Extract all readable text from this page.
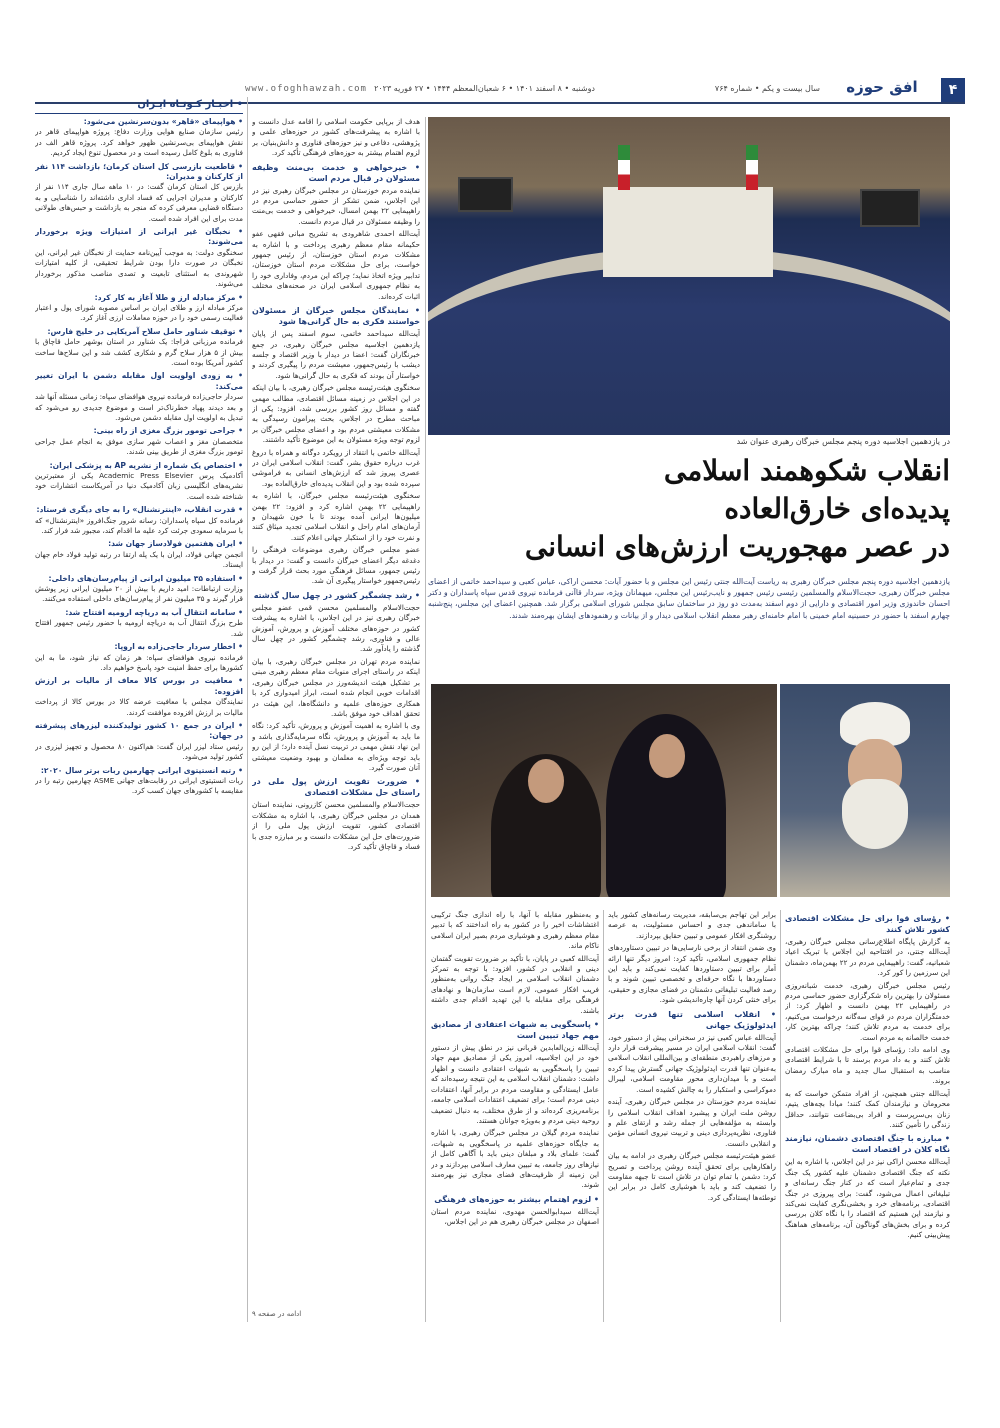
۴
افق حوزه
سال بیست و یکم • شماره ۷۶۴
دوشنبه • ۸ اسفند ۱۴۰۱ • ۶ شعبان‌المعظم ۱۴۴۴ • ۲۷ فوریه ۲۰۲۳
www.ofoghhawzah.com
در یازدهمین اجلاسیه دوره پنجم مجلس خبرگان رهبری عنوان شد
انقلاب شکوهمند اسلامی
پدیده‌ای خارق‌العاده
در عصر مهجوریت ارزش‌های انسانی
یازدهمین اجلاسیه دوره پنجم مجلس خبرگان رهبری به ریاست آیت‌الله جنتی رئیس این مجلس و با حضور آیات: محسن اراکی، عباس کعبی و سیداحمد خاتمی از اعضای مجلس خبرگان رهبری، حجت‌الاسلام والمسلمین رئیسی رئیس جمهور و نایب‌رئیس این مجلس، میهمانان ویژه، سردار قاآنی فرمانده نیروی قدس سپاه پاسداران و دکتر احسان خاندوزی وزیر امور اقتصادی و دارایی از دوم اسفند به‌مدت دو روز در ساختمان سابق مجلس شورای اسلامی برگزار شد. همچنین اعضای این مجلس، پنج‌شنبه چهارم اسفند با حضور در حسینیه امام خمینی با امام خامنه‌ای رهبر معظم انقلاب اسلامی دیدار و از بیانات و رهنمودهای ایشان بهره‌مند شدند.

هدف از برپایی حکومت اسلامی را اقامه عدل دانست و با اشاره به پیشرفت‌های کشور در حوزه‌های علمی و پژوهشی، دفاعی و نیز حوزه‌های فناوری و دانش‌بنیان، بر لزوم اهتمام بیشتر به حوزه‌های فرهنگی تأکید کرد.

• خیرخواهی و خدمت بی‌منت وظیفه مسئولان در قبال مردم است

نماینده مردم خوزستان در مجلس خبرگان رهبری نیز در این اجلاس، ضمن تشکر از حضور حماسی مردم در راهپیمایی ۲۲ بهمن امسال، خیرخواهی و خدمت بی‌منت را وظیفه مسئولان در قبال مردم دانست.

آیت‌الله احمدی شاهرودی به تشریح مبانی فقهی عفو حکیمانه مقام معظم رهبری پرداخت و با اشاره به مشکلات مردم استان خوزستان، از رئیس جمهور خواست، برای حل مشکلات مردم استان خوزستان، تدابیر ویژه اتخاذ نماید؛ چراکه این مردم، وفاداری خود را به نظام جمهوری اسلامی ایران در صحنه‌های مختلف اثبات کرده‌اند.

• نمایندگان مجلس خبرگان از مسئولان خواستند فکری به حال گرانی‌ها شود

آیت‌الله سیداحمد خاتمی، سوم اسفند پس از پایان یازدهمین اجلاسیه مجلس خبرگان رهبری، در جمع خبرنگاران گفت: اعضا در دیدار با وزیر اقتصاد و جلسه دیشب با رئیس‌جمهور، معیشت مردم را پیگیری کردند و خواستار آن بودند که فکری به حال گرانی‌ها شود.

سخنگوی هیئت‌رئیسه مجلس خبرگان رهبری، با بیان اینکه در این اجلاس در زمینه مسائل اقتصادی، مطالب مهمی گفته و مسائل روز کشور بررسی شد، افزود: یکی از مباحث مطرح در اجلاس، بحث پیرامون رسیدگی به مشکلات معیشتی مردم بود و اعضای مجلس خبرگان بر لزوم توجه ویژه مسئولان به این موضوع تأکید داشتند.

آیت‌الله خاتمی با انتقاد از رویکرد دوگانه و همراه با دروغ غرب درباره حقوق بشر، گفت: انقلاب اسلامی ایران در عصری پیروز شد که ارزش‌های انسانی به فراموشی سپرده شده بود و این انقلاب پدیده‌ای خارق‌العاده بود.

سخنگوی هیئت‌رئیسه مجلس خبرگان، با اشاره به راهپیمایی ۲۲ بهمن اشاره کرد و افزود: ۲۲ بهمن میلیون‌ها ایرانی آمده بودند تا با خون شهیدان و آرمان‌های امام راحل و انقلاب اسلامی تجدید میثاق کنند و نفرت خود را از استکبار جهانی اعلام کنند.

عضو مجلس خبرگان رهبری موضوعات فرهنگی را دغدغه دیگر اعضای خبرگان دانست و گفت: در دیدار با رئیس جمهور، مسائل فرهنگی مورد بحث قرار گرفت و رئیس‌جمهور خواستار پیگیری آن شد.

• رشد چشمگیر کشور در چهل سال گذشته

حجت‌الاسلام والمسلمین محسن قمی عضو مجلس خبرگان رهبری نیز در این اجلاس، با اشاره به پیشرفت کشور در حوزه‌های مختلف آموزش و پرورش، آموزش عالی و فناوری، رشد چشمگیر کشور در چهل سال گذشته را یادآور شد.

نماینده مردم تهران در مجلس خبرگان رهبری، با بیان اینکه در راستای اجرای منویات مقام معظم رهبری مبنی بر تشکیل هیئت اندیشه‌ورز در مجلس خبرگان رهبری، اقدامات خوبی انجام شده است، ابراز امیدواری کرد با همکاری حوزه‌های علمیه و دانشگاه‌ها، این هیئت در تحقق اهداف خود موفق باشد.

وی با اشاره به اهمیت آموزش و پرورش، تأکید کرد: نگاه ما باید به آموزش و پرورش، نگاه سرمایه‌گذاری باشد و این نهاد نقش مهمی در تربیت نسل آینده دارد؛ از این رو باید توجه ویژه‌ای به معلمان و بهبود وضعیت معیشتی آنان صورت گیرد.

• ضرورت تقویت ارزش پول ملی در راستای حل مشکلات اقتصادی

حجت‌الاسلام والمسلمین محسن کازرونی، نماینده استان همدان در مجلس خبرگان رهبری، با اشاره به مشکلات اقتصادی کشور، تقویت ارزش پول ملی را از ضرورت‌های حل این مشکلات دانست و بر مبارزه جدی با فساد و قاچاق تأکید کرد.

و به‌منظور مقابله با آنها، با راه اندازی جنگ ترکیبی اغتشاشات اخیر را در کشور به راه انداختند که با تدبیر مقام معظم رهبری و هوشیاری مردم بصیر ایران اسلامی ناکام ماند.

آیت‌الله کعبی در پایان، با تأکید بر ضرورت تقویت گفتمان دینی و انقلابی در کشور، افزود: با توجه به تمرکز دشمنان انقلاب اسلامی بر ایجاد جنگ روانی به‌منظور فریب افکار عمومی، لازم است سازمان‌ها و نهادهای فرهنگی برای مقابله با این تهدید اقدام جدی داشته باشند.

• پاسخگویی به شبهات اعتقادی از مصادیق مهم جهاد تبیین است

آیت‌الله زین‌العابدین قربانی نیز در نطق پیش از دستور خود در این اجلاسیه، امروز یکی از مصادیق مهم جهاد تبیین را پاسخگویی به شبهات اعتقادی دانست و اظهار داشت: دشمنان انقلاب اسلامی به این نتیجه رسیده‌اند که عامل ایستادگی و مقاومت مردم در برابر آنها، اعتقادات دینی مردم است؛ برای تضعیف اعتقادات اسلامی جامعه، برنامه‌ریزی کرده‌اند و از طرق مختلف، به دنبال تضعیف روحیه دینی مردم و به‌ویژه جوانان هستند.

نماینده مردم گیلان در مجلس خبرگان رهبری، با اشاره به جایگاه حوزه‌های علمیه در پاسخگویی به شبهات، گفت: علمای بلاد و مبلغان دینی باید با آگاهی کامل از نیازهای روز جامعه، به تبیین معارف اسلامی بپردازند و در این زمینه از ظرفیت‌های فضای مجازی نیز بهره‌مند شوند.

• لزوم اهتمام بیشتر به حوزه‌های فرهنگی

آیت‌الله سیدابوالحسن مهدوی، نماینده مردم استان اصفهان در مجلس خبرگان رهبری هم در این اجلاس،

برابر این تهاجم بی‌سابقه، مدیریت رسانه‌های کشور باید با ساماندهی جدی و احساس مسئولیت، به عرصه روشنگری افکار عمومی و تبیین حقایق بپردازند.

وی ضمن انتقاد از برخی نارسایی‌ها در تبیین دستاوردهای نظام جمهوری اسلامی، تأکید کرد: امروز دیگر تنها ارائه آمار برای تبیین دستاوردها کفایت نمی‌کند و باید این دستاوردها با نگاه حرفه‌ای و تخصصی تبیین شوند و با رصد فعالیت تبلیغاتی دشمنان در فضای مجازی و حقیقی، برای خنثی کردن آنها چاره‌اندیشی شود.

• انقلاب اسلامی تنها قدرت برتر ایدئولوژیک جهانی

آیت‌الله عباس کعبی نیز در سخنرانی پیش از دستور خود، گفت: انقلاب اسلامی ایران در مسیر پیشرفت قرار دارد و مرزهای راهبردی منطقه‌ای و بین‌المللی انقلاب اسلامی به‌عنوان تنها قدرت ایدئولوژیک جهانی گسترش پیدا کرده است و با میدان‌داری محور مقاومت اسلامی، لیبرال دموکراسی و استکبار را به چالش کشیده است.

نماینده مردم خوزستان در مجلس خبرگان رهبری، آینده روشن ملت ایران و پیشبرد اهداف انقلاب اسلامی را وابسته به مؤلفه‌هایی از جمله رشد و ارتقای علم و فناوری، نظریه‌پردازی دینی و تربیت نیروی انسانی مؤمن و انقلابی دانست.

عضو هیئت‌رئیسه مجلس خبرگان رهبری در ادامه به بیان راهکارهایی برای تحقق آینده روشن پرداخت و تصریح کرد: دشمن با تمام توان در تلاش است تا جبهه مقاومت را تضعیف کند و باید با هوشیاری کامل در برابر این توطئه‌ها ایستادگی کرد.

• رؤسای قوا برای حل مشکلات اقتصادی کشور تلاش کنند

به گزارش پایگاه اطلاع‌رسانی مجلس خبرگان رهبری، آیت‌الله جنتی، در افتتاحیه این اجلاس با تبریک اعیاد شعبانیه، گفت: راهپیمایی مردم در ۲۲ بهمن‌ماه، دشمنان این سرزمین را کور کرد.

رئیس مجلس خبرگان رهبری، خدمت شبانه‌روزی مسئولان را بهترین راه شکرگزاری حضور حماسی مردم در راهپیمایی ۲۲ بهمن دانست و اظهار کرد: از خدمتگزاران مردم در قوای سه‌گانه درخواست می‌کنیم، برای خدمت به مردم تلاش کنند؛ چراکه بهترین کار، خدمت خالصانه به مردم است.

وی ادامه داد: رؤسای قوا برای حل مشکلات اقتصادی تلاش کنند و به داد مردم برسند تا با شرایط اقتصادی مناسب به استقبال سال جدید و ماه مبارک رمضان بروند.

آیت‌الله جنتی همچنین، از افراد متمکن خواست که به محرومان و نیازمندان کمک کنند؛ میادا بچه‌های یتیم، زنان بی‌سرپرست و افراد بی‌بضاعت نتوانند، حداقل زندگی را تأمین کنند.

• مبارزه با جنگ اقتصادی دشمنان، نیازمند نگاه کلان در اقتصاد است

آیت‌الله محسن اراکی نیز در این اجلاس، با اشاره به این نکته که جنگ اقتصادی دشمنان علیه کشور یک جنگ جدی و تمام‌عیار است که در کنار جنگ رسانه‌ای و تبلیغاتی اعمال می‌شود، گفت: برای پیروزی در جنگ اقتصادی، برنامه‌های خرد و بخشی‌نگری کفایت نمی‌کند و نیازمند این هستیم که اقتصاد را با نگاه کلان بررسی کرده و برای بخش‌های گوناگون آن، برنامه‌های هماهنگ پیش‌بینی کنیم.

ادامه در صفحه ۹
• اخبـار کـوتـاه ایـران
• هواپیمای «قاهر» بدون‌سرنشین می‌شود:

رئیس سازمان صنایع هوایی وزارت دفاع: پروژه هواپیمای قاهر در نقش هواپیمای بی‌سرنشین ظهور خواهد کرد. پروژه قاهر الف در فناوری به بلوغ کامل رسیده است و در محصول تنوع ایجاد کردیم.

• قاطعیت بازرسی کل استان کرمان؛ بازداشت ۱۱۴ نفر از کارکنان و مدیران:

بازرس کل استان کرمان گفت: در ۱۰ ماهه سال جاری ۱۱۴ نفر از کارکنان و مدیران اجرایی که فساد اداری داشته‌اند را شناسایی و به دستگاه قضایی معرفی کرده که منجر به بازداشت و حبس‌های طولانی مدت برای این افراد شده است.

• نخبگان غیر ایرانی از امتیازات ویژه برخوردار می‌شوند:

سخنگوی دولت: به موجب آیین‌نامه حمایت از نخبگان غیر ایرانی، این نخبگان در صورت دارا بودن شرایط تحقیقی، از کلیه امتیازات شهروندی به استثنای تابعیت و تصدی مناصب مذکور برخوردار می‌شوند.

• مرکز مبادله ارز و طلا آغاز به کار کرد:

مرکز مبادله ارز و طلای ایران بر اساس مصوبه شورای پول و اعتبار فعالیت رسمی خود را در حوزه معاملات ارزی آغاز کرد.

• توقیف شناور حامل سلاح آمریکایی در خلیج فارس:

فرمانده مرزبانی فراجا: یک شناور در استان بوشهر حامل قاچاق با بیش از ۵ هزار سلاح گرم و شکاری کشف شد و این سلاح‌ها ساخت کشور آمریکا بوده است.

• به زودی اولویت اول مقابله دشمن با ایران تغییر می‌کند:

سردار حاجی‌زاده فرمانده نیروی هوافضای سپاه: زمانی مسئله آنها شد و بعد دیدند پهپاد خطرناک‌تر است و موضوع جدیدی رو می‌شود که تبدیل به اولویت اول مقابله دشمن می‌شود.

• جراحی تومور بزرگ مغزی از راه بینی:

متخصصان مغز و اعصاب شهر سازی موفق به انجام عمل جراحی تومور بزرگ مغزی از طریق بینی شدند.

• اختصاص یک شماره از نشریه AP به پزشکی ایران:

آکادمیک پرس Academic Press Elsevier یکی از معتبرترین نشریه‌های انگلیسی زبان آکادمیک دنیا در آمریکاست انتشارات خود شناخته شده است.

• قدرت انقلاب، «اینترنشنال» را به جای دیگری فرستاد:

فرمانده کل سپاه پاسداران: رسانه شرور جنگ‌افروز «اینترنشنال» که با سرمایه سعودی جرئت کرد علیه ما اقدام کند، مجبور شد فرار کند.

• ایران هفتمین فولادساز جهان شد:

انجمن جهانی فولاد، ایران با یک پله ارتقا در رتبه تولید فولاد خام جهان ایستاد.

• استفاده ۳۵ میلیون ایرانی از پیام‌رسان‌های داخلی:

وزارت ارتباطات: امید داریم با بیش از ۲۰ میلیون ایرانی زیر پوشش قرار گیرند و ۳۵ میلیون نفر از پیام‌رسان‌های داخلی استفاده می‌کنند.

• سامانه انتقال آب به دریاچه ارومیه افتتاح شد:

طرح بزرگ انتقال آب به دریاچه ارومیه با حضور رئیس جمهور افتتاح شد.

• اخطار سردار حاجی‌زاده به اروپا:

فرمانده نیروی هوافضای سپاه: هر زمان که نیاز شود، ما به این کشورها برای حفظ امنیت خود پاسخ خواهیم داد.

• معافیت در بورس کالا معاف از مالیات بر ارزش افزوده:

نمایندگان مجلس با معافیت عرضه کالا در بورس کالا از پرداخت مالیات بر ارزش افزوده موافقت کردند.

• ایران در جمع ۱۰ کشور تولیدکننده لیزرهای پیشرفته در جهان:

رئیس ستاد لیزر ایران گفت: هم‌اکنون ۸۰ محصول و تجهیز لیزری در کشور تولید می‌شود.

• رتبه انستیتوی ایرانی چهارمین ربات برتر سال ۲۰۲۰:

ربات انستیتوی ایرانی در رقابت‌های جهانی ASME چهارمین رتبه را در مقایسه با کشورهای جهان کسب کرد.
